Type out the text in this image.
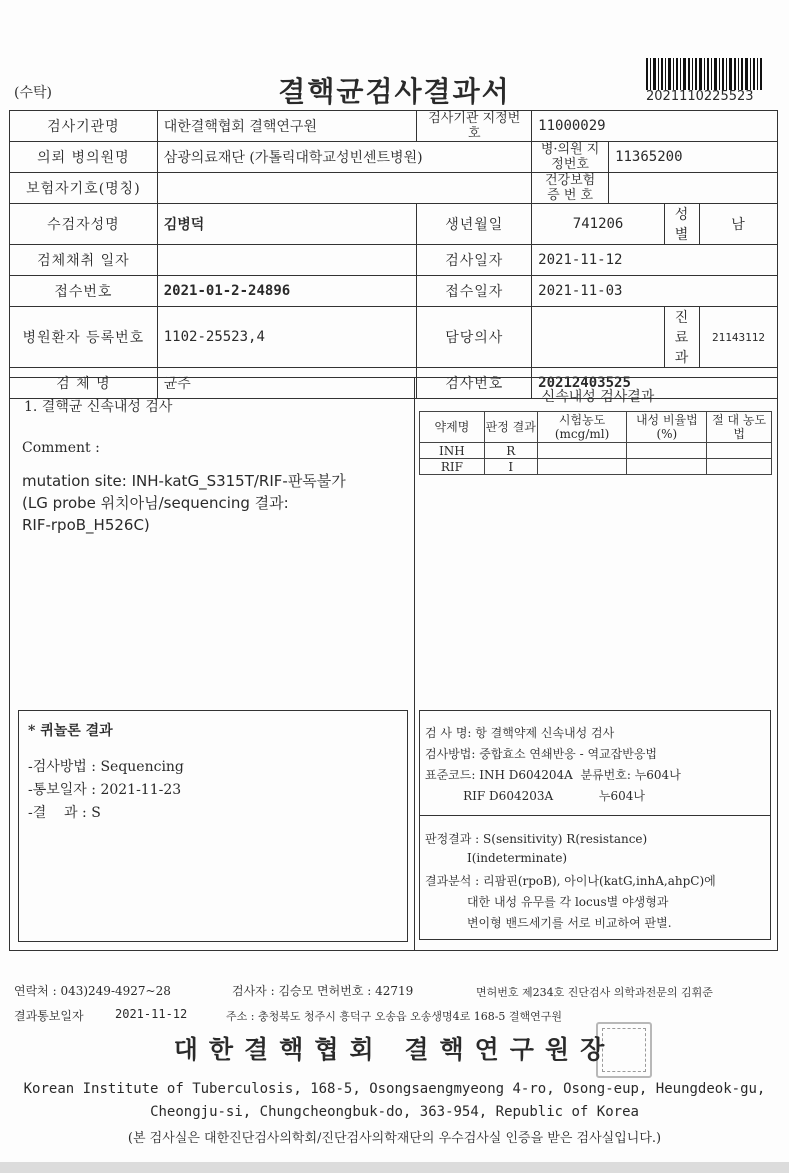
(수탁)	결핵균검사결과서	2021110225523
검사기관명	대한결핵협회 결핵연구원	검사기관 지정번호	11000029			
의뢰 병의원명	삼광의료재단 (가톨릭대학교성빈센트병원)		병·의원 지정번호	11365200		
보험자기호(명칭)			건강보험 증 번 호			
수검자성명	김병덕	생년월일	741206		성별	남
검체채취 일자		검사일자	2021-11-12			
접수번호	2021-01-2-24896	접수일자	2021-11-03			
병원환자 등록번호	1102-25523,4	담당의사			진료과	21143112
검 체 명	균주	검사번호	20212403525			
1. 결핵균 신속내성 검사
Comment :
mutation site: INH-katG_S315T/RIF-판독불가
(LG probe 위치아님/sequencing 결과:
RIF-rpoB_H526C)
신속내성 검사결과
약제명	판정 결과	시험농도 (mcg/ml)	내성 비율법(%)	절 대 농도법
INH	R			
RIF	I			
* 퀴놀론 결과
-검사방법 : Sequencing
-통보일자 : 2021-11-23
-결    과 : S
검 사 명: 항 결핵약제 신속내성 검사
검사방법: 중합효소 연쇄반응 - 역교잡반응법
표준코드: INH D604204A  분류번호: 누604나
RIF D604203A            누604나
판정결과 : S(sensitivity) R(resistance)
I(indeterminate)
결과분석 : 리팜핀(rpoB), 아이나(katG,inhA,ahpC)에
대한 내성 유무를 각 locus별 야생형과
변이형 밴드세기를 서로 비교하여 판별.
연락처 : 043)249-4927~28	검사자 : 김승모 면허번호 : 42719	면허번호 제234호 진단검사 의학과전문의 김휘준
결과통보일자	2021-11-12	주소 : 충청북도 청주시 흥덕구 오송읍 오송생명4로 168-5 결핵연구원
대한결핵협회 결핵연구원장
Korean Institute of Tuberculosis, 168-5, Osongsaengmyeong 4-ro, Osong-eup, Heungdeok-gu,
Cheongju-si, Chungcheongbuk-do, 363-954, Republic of Korea
(본 검사실은 대한진단검사의학회/진단검사의학재단의 우수검사실 인증을 받은 검사실입니다.)
